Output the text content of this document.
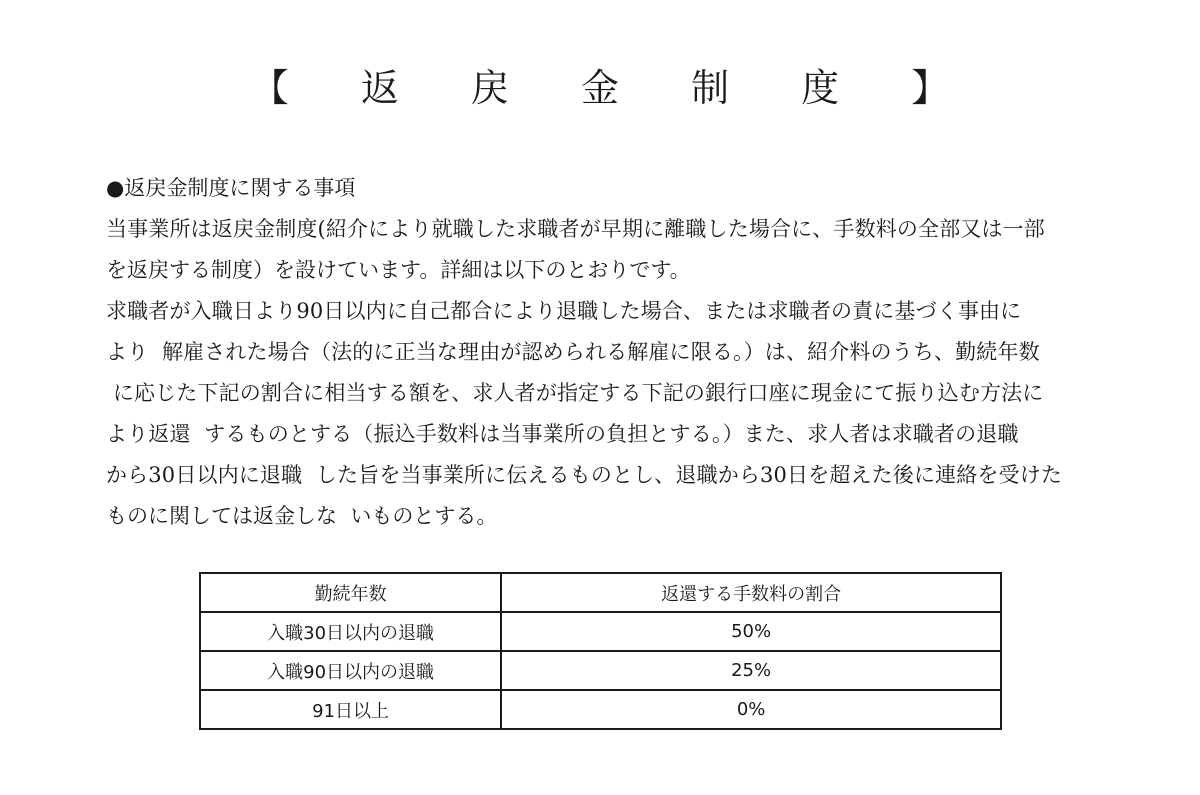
【 返 戻 金 制 度 】
●返戻金制度に関する事項
当事業所は返戻金制度(紹介により就職した求職者が早期に離職した場合に、手数料の全部又は一部
を返戻する制度）を設けています。詳細は以下のとおりです。
求職者が入職日より90日以内に自己都合により退職した場合、または求職者の責に基づく事由に
より  解雇された場合（法的に正当な理由が認められる解雇に限る。）は、紹介料のうち、勤続年数
に応じた下記の割合に相当する額を、求人者が指定する下記の銀行口座に現金にて振り込む方法に
より返還  するものとする（振込手数料は当事業所の負担とする。）また、求人者は求職者の退職
から30日以内に退職  した旨を当事業所に伝えるものとし、退職から30日を超えた後に連絡を受けた
ものに関しては返金しな  いものとする。
勤続年数	返還する手数料の割合
入職30日以内の退職	50%
入職90日以内の退職	25%
91日以上	0%
